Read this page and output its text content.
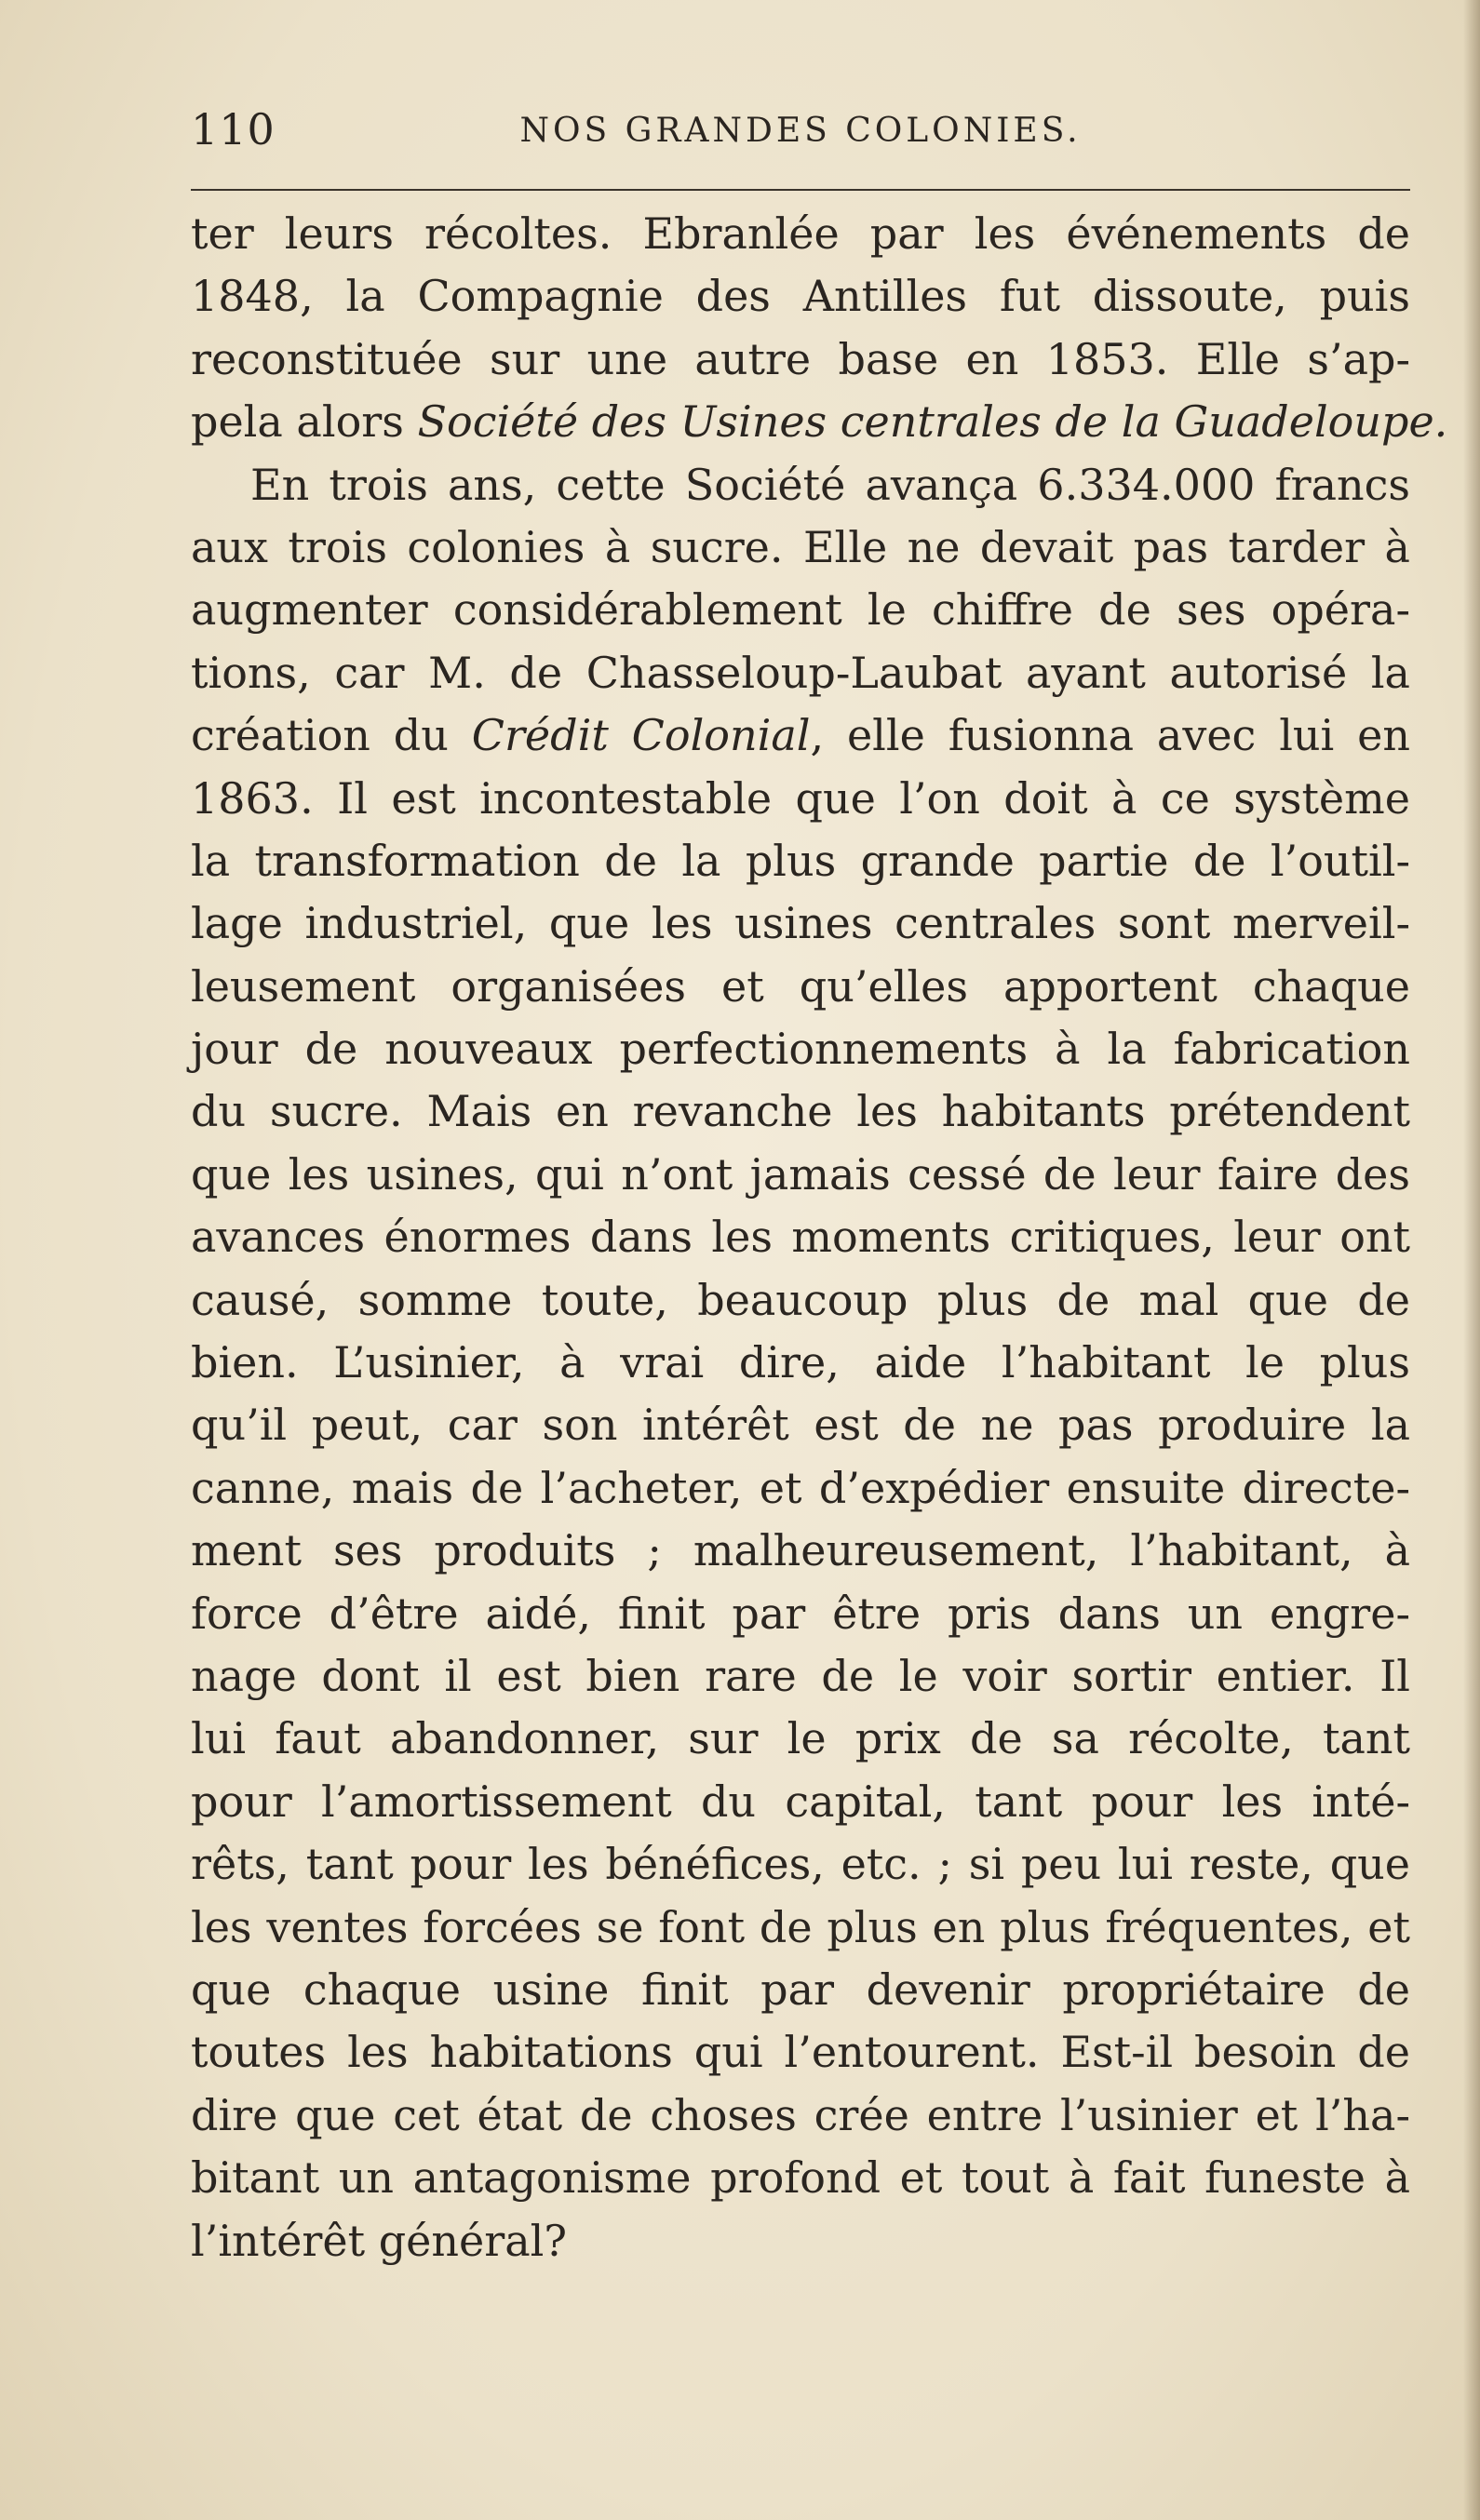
110	NOS GRANDES COLONIES.
ter leurs récoltes. Ebranlée par les événements de
1848, la Compagnie des Antilles fut dissoute, puis
reconstituée sur une autre base en 1853. Elle s’ap-
pela alors Société des Usines centrales de la Guadeloupe.
En trois ans, cette Société avança 6.334.000 francs
aux trois colonies à sucre. Elle ne devait pas tarder à
augmenter considérablement le chiffre de ses opéra-
tions, car M. de Chasseloup-Laubat ayant autorisé la
création du Crédit Colonial, elle fusionna avec lui en
1863. Il est incontestable que l’on doit à ce système
la transformation de la plus grande partie de l’outil-
lage industriel, que les usines centrales sont merveil-
leusement organisées et qu’elles apportent chaque
jour de nouveaux perfectionnements à la fabrication
du sucre. Mais en revanche les habitants prétendent
que les usines, qui n’ont jamais cessé de leur faire des
avances énormes dans les moments critiques, leur ont
causé, somme toute, beaucoup plus de mal que de
bien. L’usinier, à vrai dire, aide l’habitant le plus
qu’il peut, car son intérêt est de ne pas produire la
canne, mais de l’acheter, et d’expédier ensuite directe-
ment ses produits ; malheureusement, l’habitant, à
force d’être aidé, finit par être pris dans un engre-
nage dont il est bien rare de le voir sortir entier. Il
lui faut abandonner, sur le prix de sa récolte, tant
pour l’amortissement du capital, tant pour les inté-
rêts, tant pour les bénéfices, etc. ; si peu lui reste, que
les ventes forcées se font de plus en plus fréquentes, et
que chaque usine finit par devenir propriétaire de
toutes les habitations qui l’entourent. Est-il besoin de
dire que cet état de choses crée entre l’usinier et l’ha-
bitant un antagonisme profond et tout à fait funeste à
l’intérêt général?
